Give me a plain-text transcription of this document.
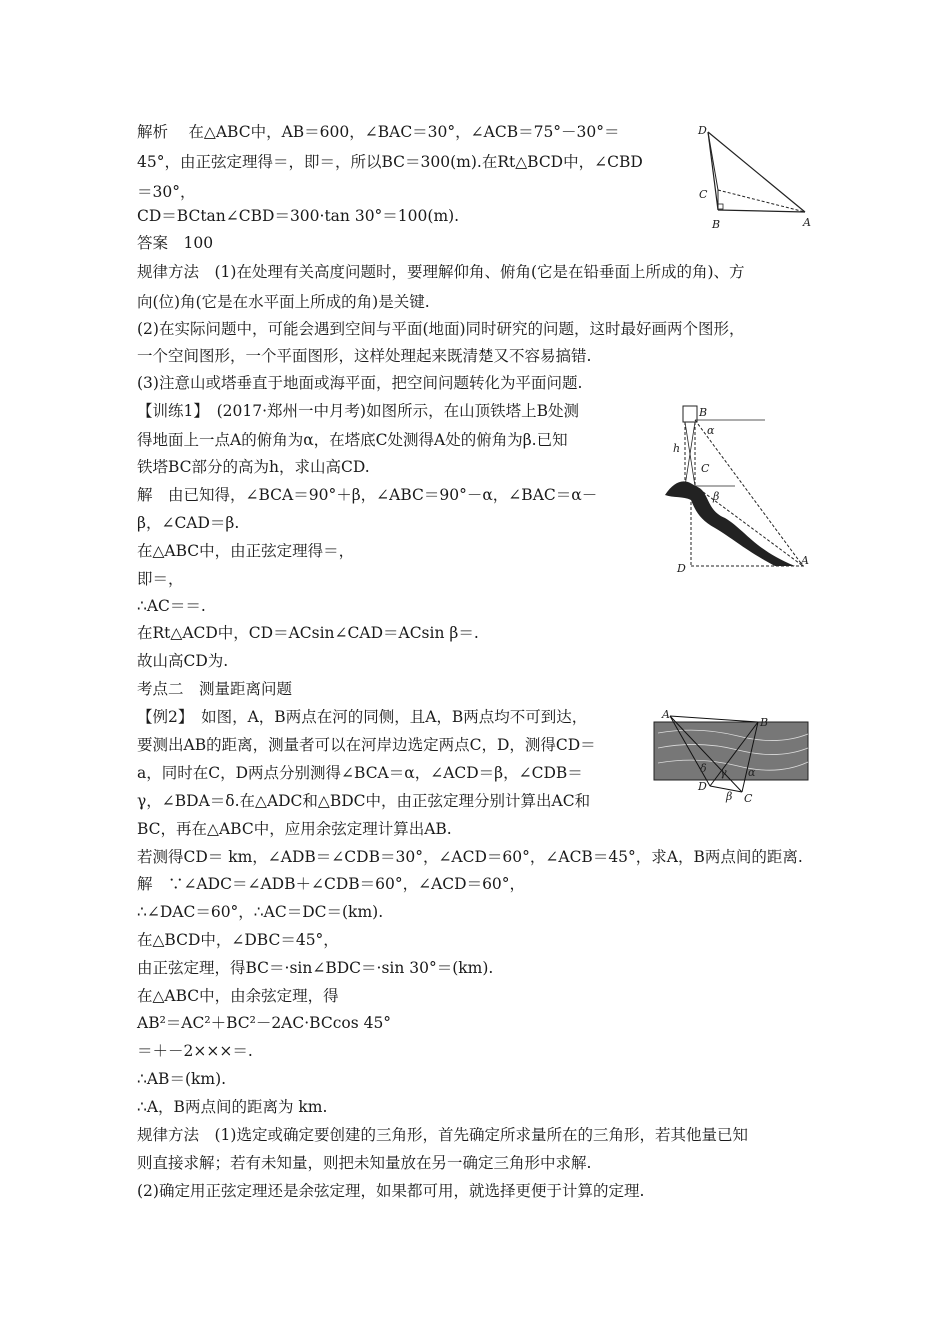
解析　 在△ABC中，AB＝600，∠BAC＝30°，∠ACB＝75°－30°＝
45°，由正弦定理得＝，即＝，所以BC＝300(m).在Rt△BCD中，∠CBD
＝30°，
CD＝BCtan∠CBD＝300·tan 30°＝100(m).
答案　100
规律方法　(1)在处理有关高度问题时，要理解仰角、俯角(它是在铅垂面上所成的角)、方
向(位)角(它是在水平面上所成的角)是关键.
(2)在实际问题中，可能会遇到空间与平面(地面)同时研究的问题，这时最好画两个图形，
一个空间图形，一个平面图形，这样处理起来既清楚又不容易搞错.
(3)注意山或塔垂直于地面或海平面，把空间问题转化为平面问题.
【训练1】　(2017·郑州一中月考)如图所示，在山顶铁塔上B处测
得地面上一点A的俯角为α，在塔底C处测得A处的俯角为β.已知
铁塔BC部分的高为h，求山高CD.
解　由已知得，∠BCA＝90°＋β，∠ABC＝90°－α，∠BAC＝α－
β，∠CAD＝β.
在△ABC中，由正弦定理得＝，
即＝，
∴AC＝＝.
在Rt△ACD中，CD＝ACsin∠CAD＝ACsin β＝.
故山高CD为.
考点二　测量距离问题
【例2】　如图，A，B两点在河的同侧，且A，B两点均不可到达，
要测出AB的距离，测量者可以在河岸边选定两点C，D，测得CD＝
a，同时在C，D两点分别测得∠BCA＝α，∠ACD＝β，∠CDB＝
γ，∠BDA＝δ.在△ADC和△BDC中，由正弦定理分别计算出AC和
BC，再在△ABC中，应用余弦定理计算出AB.
若测得CD＝ km，∠ADB＝∠CDB＝30°，∠ACD＝60°，∠ACB＝45°，求A，B两点间的距离.
解　∵∠ADC＝∠ADB＋∠CDB＝60°，∠ACD＝60°，
∴∠DAC＝60°，∴AC＝DC＝(km).
在△BCD中，∠DBC＝45°，
由正弦定理，得BC＝·sin∠BDC＝·sin 30°＝(km).
在△ABC中，由余弦定理，得
AB²＝AC²＋BC²－2AC·BCcos 45°
＝＋－2×××＝.
∴AB＝(km).
∴A，B两点间的距离为 km.
规律方法　(1)选定或确定要创建的三角形，首先确定所求量所在的三角形，若其他量已知
则直接求解；若有未知量，则把未知量放在另一确定三角形中求解.
(2)确定用正弦定理还是余弦定理，如果都可用，就选择更便于计算的定理.
D
C
B	A
B
h
α
C
β
D
A
A
B
δ γ α
D
β C
